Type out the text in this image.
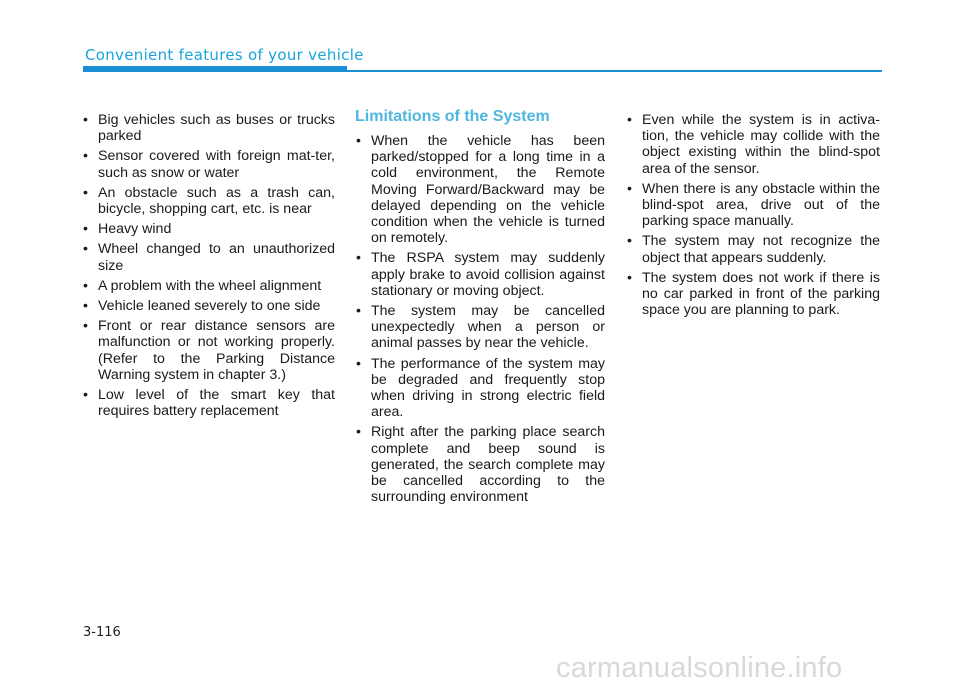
Convenient features of your vehicle
• Big vehicles such as buses or trucks parked
• Sensor covered with foreign mat-ter, such as snow or water
• An obstacle such as a trash can, bicycle, shopping cart, etc. is near
• Heavy wind
• Wheel changed to an unauthorized size
• A problem with the wheel alignment
• Vehicle leaned severely to one side
• Front or rear distance sensors are malfunction or not working properly. (Refer to the Parking Distance Warning system in chapter 3.)
• Low level of the smart key that requires battery replacement
Limitations of the System
• When the vehicle has been parked/stopped for a long time in a cold environment, the Remote Moving Forward/Backward may be delayed depending on the vehicle condition when the vehicle is turned on remotely.
• The RSPA system may suddenly apply brake to avoid collision against stationary or moving object.
• The system may be cancelled unexpectedly when a person or animal passes by near the vehicle.
• The performance of the system may be degraded and frequently stop when driving in strong electric field area.
• Right after the parking place search complete and beep sound is generated, the search complete may be cancelled according to the surrounding environment
• Even while the system is in activa-tion, the vehicle may collide with the object existing within the blind-spot area of the sensor.
• When there is any obstacle within the blind-spot area, drive out of the parking space manually.
• The system may not recognize the object that appears suddenly.
• The system does not work if there is no car parked in front of the parking space you are planning to park.
3-116
carmanualsonline.info
